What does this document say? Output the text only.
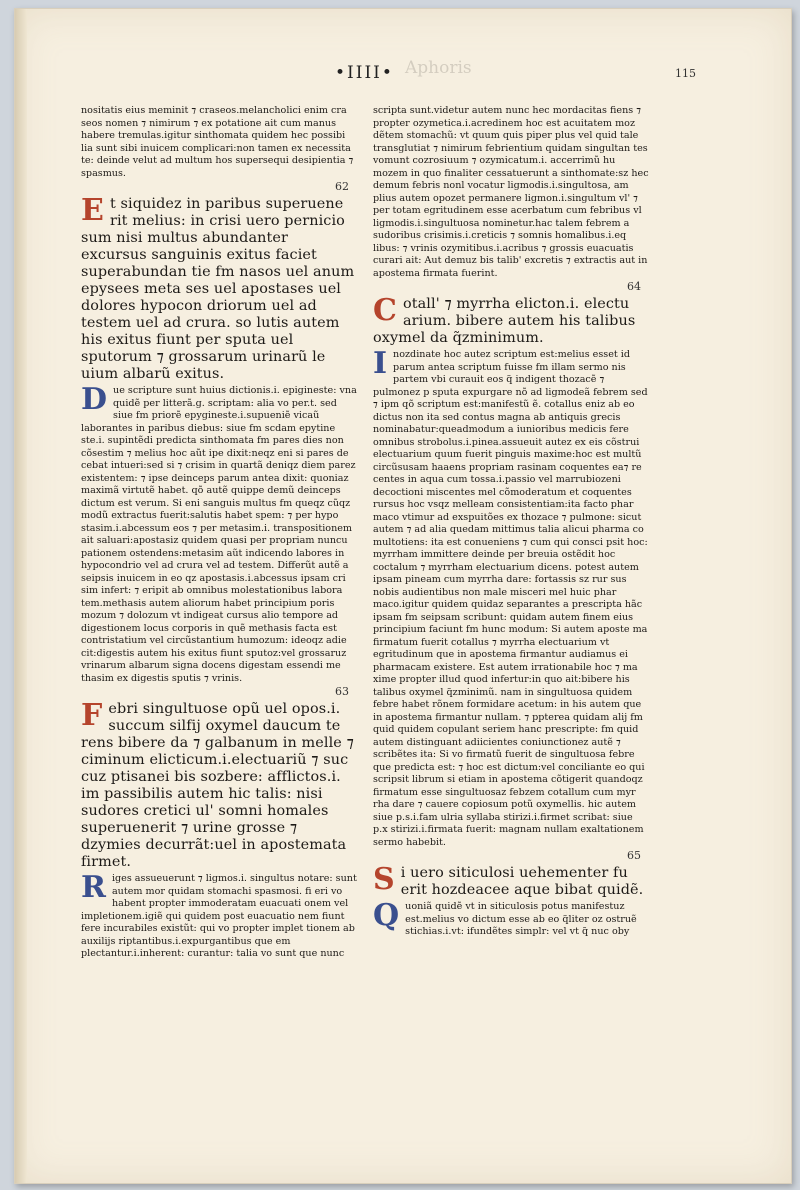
•IIII• Aphoris	115
nositatis eius meminit ⁊ craseos.melancholici enim cra seos nomen ⁊ nimirum ⁊ ex potatione ait cum manus habere tremulas.igitur sinthomata quidem hec possibi lia sunt sibi inuicem complicari:non tamen ex necessita te: deinde velut ad multum hos supersequi desipientia ⁊ spasmus.
62
Et siquidez in paribus superuene rit melius: in crisi uero pernicio sum nisi multus abundanter excursus sanguinis exitus faciet superabundan tie fm nasos uel anum epysees meta ses uel apostases uel dolores hypocon driorum uel ad testem uel ad crura. so lutis autem his exitus fiunt per sputa uel sputorum ⁊ grossarum urinarũ le uium albarũ exitus.
Due scripture sunt huius dictionis.i. epigineste: vna quidẽ per litterã.g. scriptam: alia vo per.t. sed siue fm priorẽ epygineste.i.supueniẽ vicaũ laborantes in paribus diebus: siue fm scdam epytine ste.i. supintẽdi predicta sinthomata fm pares dies non cõsestim ⁊ melius hoc aũt ipe dixit:neqz eni si pares de cebat intueri:sed si ⁊ crisim in quartã deniqz diem parez existentem: ⁊ ipse deinceps parum antea dixit: quoniaz maximã virtutẽ habet. qõ autẽ quippe demũ deinceps dictum est verum. Si eni sanguis multus fm queqz cũqz modũ extractus fuerit:salutis habet spem: ⁊ per hypo stasim.i.abcessum eos ⁊ per metasim.i. transpositionem ait saluari:apostasiz quidem quasi per propriam nuncu pationem ostendens:metasim aũt indicendo labores in hypocondrio vel ad crura vel ad testem. Differũt autẽ a seipsis inuicem in eo qz apostasis.i.abcessus ipsam cri sim infert: ⁊ eripit ab omnibus molestationibus labora tem.methasis autem aliorum habet principium poris mozum ⁊ dolozum vt indigeat cursus alio tempore ad digestionem locus corporis in quẽ methasis facta est contristatium vel circũstantium humozum: ideoqz adie cit:digestis autem his exitus fiunt sputoz:vel grossaruz vrinarum albarum signa docens digestam essendi me thasim ex digestis sputis ⁊ vrinis.
63
Febri singultuose opũ uel opos.i. succum silfij oxymel daucum te rens bibere da ⁊ galbanum in melle ⁊ ciminum elicticum.i.electuariũ ⁊ suc cuz ptisanei bis sozbere: afflictos.i. im passibilis autem hic talis: nisi sudores cretici ul' somni homales superuenerit ⁊ urine grosse ⁊ dzymies decurrãt:uel in apostemata firmet.
Riges assueuerunt ⁊ ligmos.i. singultus notare: sunt autem mor quidam stomachi spasmosi. fi eri vo habent propter immoderatam euacuati onem vel impletionem.igiẽ qui quidem post euacuatio nem fiunt fere incurabiles existũt: qui vo propter implet tionem ab auxilijs riptantibus.i.expurgantibus que em plectantur.i.inherent: curantur: talia vo sunt que nunc
scripta sunt.videtur autem nunc hec mordacitas fiens ⁊ propter ozymetica.i.acredinem hoc est acuitatem moz dẽtem stomachũ: vt quum quis piper plus vel quid tale transglutiat ⁊ nimirum febrientium quidam singultan tes vomunt cozrosiuum ⁊ ozymicatum.i. accerrimũ hu mozem in quo finaliter cessatuerunt a sinthomate:sz hec demum febris nonl vocatur ligmodis.i.singultosa, am plius autem opozet permanere ligmon.i.singultum vl' ⁊ per totam egritudinem esse acerbatum cum febribus vl ligmodis.i.singultuosa nominetur.hac talem febrem a sudoribus crisimis.i.creticis ⁊ somnis homalibus.i.eq libus: ⁊ vrinis ozymitibus.i.acribus ⁊ grossis euacuatis curari ait: Aut demuz bis talib' excretis ⁊ extractis aut in apostema firmata fuerint.
64
Cotall' ⁊ myrrha elicton.i. electu arium. bibere autem his talibus oxymel da q̃zminimum.
Inozdinate hoc autez scriptum est:melius esset id parum antea scriptum fuisse fm illam sermo nis partem vbi curauit eos q̃ indigent thozacẽ ⁊ pulmonez p sputa expurgare nõ ad ligmodeã febrem sed ⁊ ipm qõ scriptum est:manifestũ ẽ. cotallus eniz ab eo dictus non ita sed contus magna ab antiquis grecis nominabatur:queadmodum a iunioribus medicis fere omnibus strobolus.i.pinea.assueuit autez ex eis cõstrui electuarium quum fuerit pinguis maxime:hoc est multũ circũsusam haaens propriam rasinam coquentes ea⁊ re centes in aqua cum tossa.i.passio vel marrubiozeni decoctioni miscentes mel cõmoderatum et coquentes rursus hoc vsqz melleam consistentiam:ita facto phar maco vtimur ad exspuitões ex thozace ⁊ pulmone: sicut autem ⁊ ad alia quedam mittimus talia alicui pharma co multotiens: ita est conueniens ⁊ cum qui consci psit hoc: myrrham immittere deinde per breuia ostẽdit hoc coctalum ⁊ myrrham electuarium dicens. potest autem ipsam pineam cum myrrha dare: fortassis sz rur sus nobis audientibus non male misceri mel huic phar maco.igitur quidem quidaz separantes a prescripta hãc ipsam fm seipsam scribunt: quidam autem finem eius principium faciunt fm hunc modum: Si autem aposte ma firmatum fuerit cotallus ⁊ myrrha electuarium vt egritudinum que in apostema firmantur audiamus ei pharmacam existere. Est autem irrationabile hoc ⁊ ma xime propter illud quod infertur:in quo ait:bibere his talibus oxymel q̃zminimũ. nam in singultuosa quidem febre habet rõnem formidare acetum: in his autem que in apostema firmantur nullam. ⁊ ppterea quidam alij fm quid quidem copulant seriem hanc prescripte: fm quid autem distinguant adiicientes coniunctionez autẽ ⁊ scribẽtes ita: Si vo firmatũ fuerit de singultuosa febre que predicta est: ⁊ hoc est dictum:vel conciliante eo qui scripsit librum si etiam in apostema cõtigerit quandoqz firmatum esse singultuosaz febzem cotallum cum myr rha dare ⁊ cauere copiosum potũ oxymellis. hic autem siue p.s.i.fam ulria syllaba stirizi.i.firmet scribat: siue p.x stirizi.i.firmata fuerit: magnam nullam exaltationem sermo habebit.
65
Si uero siticulosi uehementer fu erit hozdeacee aque bibat quidẽ.
Quoniã quidẽ vt in siticulosis potus manifestuz est.melius vo dictum esse ab eo q̃liter oz ostruẽ stichias.i.vt: ifundẽtes simplr: vel vt q̃ nuc oby
